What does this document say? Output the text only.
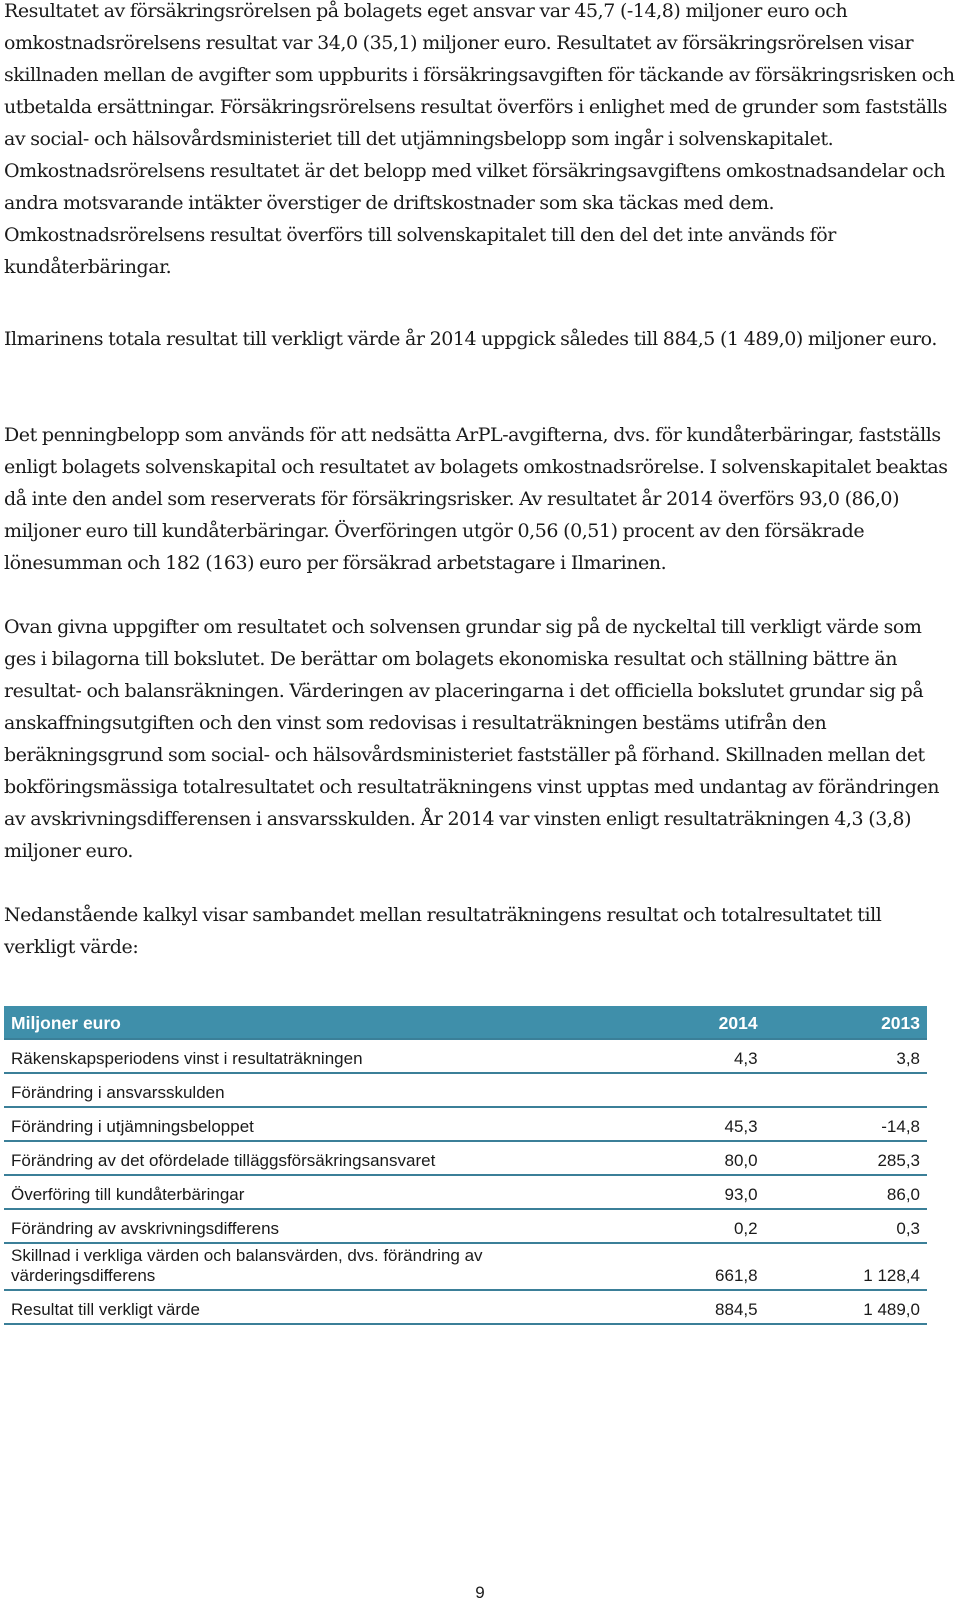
Resultatet av försäkringsrörelsen på bolagets eget ansvar var 45,7 (-14,8) miljoner euro och omkostnadsrörelsens resultat var 34,0 (35,1) miljoner euro. Resultatet av försäkringsrörelsen visar skillnaden mellan de avgifter som uppburits i försäkringsavgiften för täckande av försäkringsrisken och utbetalda ersättningar. Försäkringsrörelsens resultat överförs i enlighet med de grunder som fastställs av social- och hälsovårdsministeriet till det utjämningsbelopp som ingår i solvenskapitalet. Omkostnadsrörelsens resultatet är det belopp med vilket försäkringsavgiftens omkostnadsandelar och andra motsvarande intäkter överstiger de driftskostnader som ska täckas med dem. Omkostnadsrörelsens resultat överförs till solvenskapitalet till den del det inte används för kundåterbäringar.

Ilmarinens totala resultat till verkligt värde år 2014 uppgick således till 884,5 (1 489,0) miljoner euro.

Det penningbelopp som används för att nedsätta ArPL-avgifterna, dvs. för kundåterbäringar, fastställs enligt bolagets solvenskapital och resultatet av bolagets omkostnadsrörelse. I solvenskapitalet beaktas då inte den andel som reserverats för försäkringsrisker. Av resultatet år 2014 överförs 93,0 (86,0) miljoner euro till kundåterbäringar. Överföringen utgör 0,56 (0,51) procent av den försäkrade lönesumman och 182 (163) euro per försäkrad arbetstagare i Ilmarinen.

Ovan givna uppgifter om resultatet och solvensen grundar sig på de nyckeltal till verkligt värde som ges i bilagorna till bokslutet. De berättar om bolagets ekonomiska resultat och ställning bättre än resultat- och balansräkningen. Värderingen av placeringarna i det officiella bokslutet grundar sig på anskaffningsutgiften och den vinst som redovisas i resultaträkningen bestäms utifrån den beräkningsgrund som social- och hälsovårdsministeriet fastställer på förhand. Skillnaden mellan det bokföringsmässiga totalresultatet och resultaträkningens vinst upptas med undantag av förändringen av avskrivningsdifferensen i ansvarsskulden. År 2014 var vinsten enligt resultaträkningen 4,3 (3,8) miljoner euro.

Nedanstående kalkyl visar sambandet mellan resultaträkningens resultat och totalresultatet till verkligt värde:

Miljoner euro	2014	2013
Räkenskapsperiodens vinst i resultaträkningen	4,3	3,8
Förändring i ansvarsskulden		
Förändring i utjämningsbeloppet	45,3	-14,8
Förändring av det ofördelade tilläggsförsäkringsansvaret	80,0	285,3
Överföring till kundåterbäringar	93,0	86,0
Förändring av avskrivningsdifferens	0,2	0,3
Skillnad i verkliga värden och balansvärden, dvs. förändring av värderingsdifferens	661,8	1 128,4
Resultat till verkligt värde	884,5	1 489,0
9
